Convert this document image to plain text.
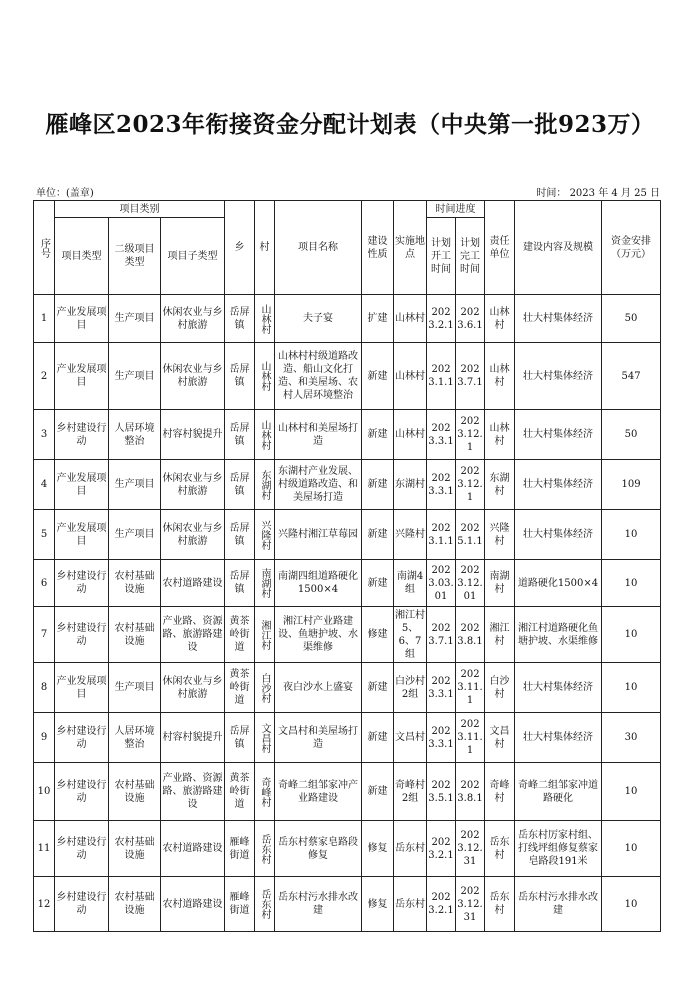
雁峰区2023年衔接资金分配计划表（中央第一批923万）
单位：(盖章)	时间： 2023 年 4 月 25 日
序号	项目类别			乡	村	项目名称	建设性质	实施地点	时间进度		责任单位	建设内容及规模	资金安排（万元）
	项目类型	二级项目类型	项目子类型						计划开工时间	计划完工时间			
1	产业发展项目	生产项目	休闲农业与乡村旅游	岳屏镇	山林村	夫子宴	扩建	山林村	2023.2.1	2023.6.1	山林村	壮大村集体经济	50
2	产业发展项目	生产项目	休闲农业与乡村旅游	岳屏镇	山林村	山林村村级道路改造、船山文化打造、和美屋场、农村人居环境整治	新建	山林村	2023.1.1	2023.7.1	山林村	壮大村集体经济	547
3	乡村建设行动	人居环境整治	村容村貌提升	岳屏镇	山林村	山林村和美屋场打造	新建	山林村	2023.3.1	2023.12.1	山林村	壮大村集体经济	50
4	产业发展项目	生产项目	休闲农业与乡村旅游	岳屏镇	东湖村	东湖村产业发展、村级道路改造、和美屋场打造	新建	东湖村	2023.3.1	2023.12.1	东湖村	壮大村集体经济	109
5	产业发展项目	生产项目	休闲农业与乡村旅游	岳屏镇	兴隆村	兴隆村湘江草莓园	新建	兴隆村	2023.1.1	2025.1.1	兴隆村	壮大村集体经济	10
6	乡村建设行动	农村基础设施	农村道路建设	岳屏镇	南湖村	南湖四组道路硬化1500×4	新建	南湖4组	2023.03.01	2023.12.01	南湖村	道路硬化1500×4	10
7	乡村建设行动	农村基础设施	产业路、资源路、旅游路建设	黄茶岭街道	湘江村	湘江村产业路建设、鱼塘护坡、水渠维修	修建	湘江村5、6、7组	2023.7.1	2023.8.1	湘江村	湘江村道路硬化鱼塘护坡、水渠维修	10
8	产业发展项目	生产项目	休闲农业与乡村旅游	黄茶岭街道	白沙村	夜白沙水上盛宴	新建	白沙村2组	2023.3.1	2023.11.1	白沙村	壮大村集体经济	10
9	乡村建设行动	人居环境整治	村容村貌提升	岳屏镇	文昌村	文昌村和美屋场打造	新建	文昌村	2023.3.1	2023.11.1	文昌村	壮大村集体经济	30
10	乡村建设行动	农村基础设施	产业路、资源路、旅游路建设	黄茶岭街道	奇峰村	奇峰二组邹家冲产业路建设	新建	奇峰村2组	2023.5.1	2023.8.1	奇峰村	奇峰二组邹家冲道路硬化	10
11	乡村建设行动	农村基础设施	农村道路建设	雁峰街道	岳东村	岳东村蔡家皂路段修复	修复	岳东村	2023.2.1	2023.12.31	岳东村	岳东村厉家村组、打线坪组修复蔡家皂路段191米	10
12	乡村建设行动	农村基础设施	农村道路建设	雁峰街道	岳东村	岳东村污水排水改建	修复	岳东村	2023.2.1	2023.12.31	岳东村	岳东村污水排水改建	10
